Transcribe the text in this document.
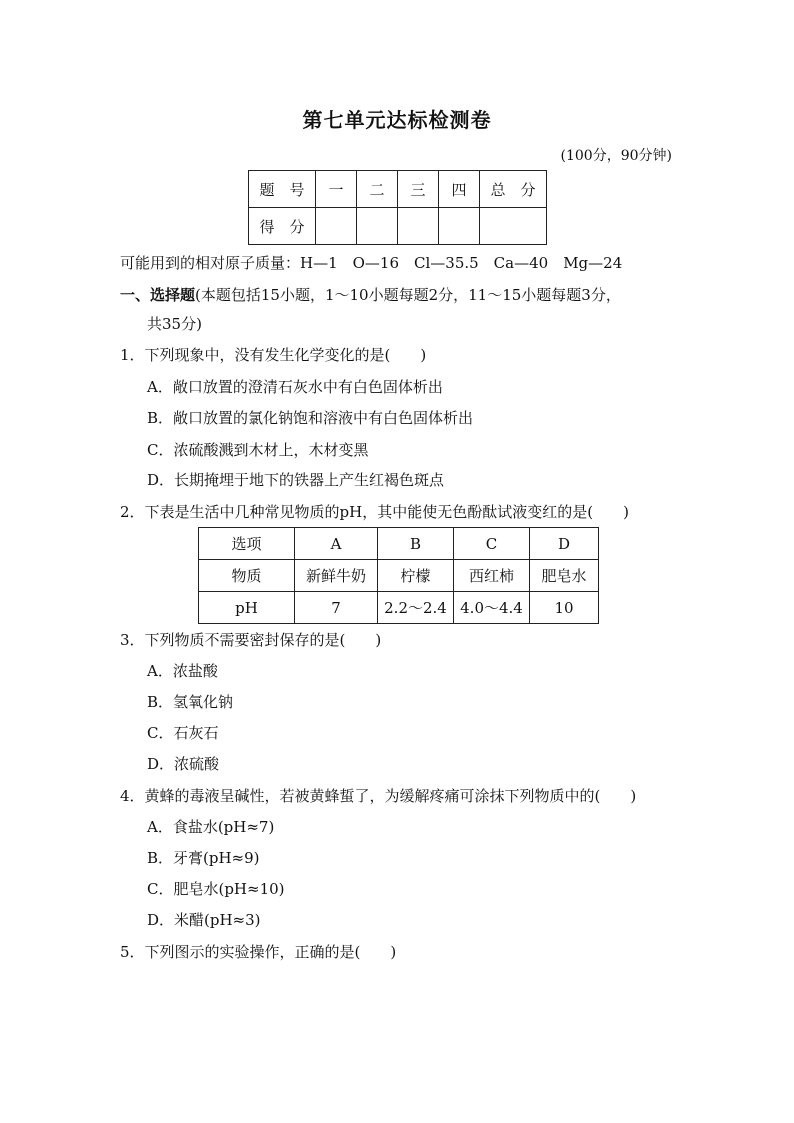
第七单元达标检测卷
(100分，90分钟)
题　号	一	二	三	四	总　分
得　分					
可能用到的相对原子质量：H—1　O—16　Cl—35.5　Ca—40　Mg—24
一、选择题(本题包括15小题，1～10小题每题2分，11～15小题每题3分，
共35分)
1．下列现象中，没有发生化学变化的是(　　)
A．敞口放置的澄清石灰水中有白色固体析出
B．敞口放置的氯化钠饱和溶液中有白色固体析出
C．浓硫酸溅到木材上，木材变黑
D．长期掩埋于地下的铁器上产生红褐色斑点
2．下表是生活中几种常见物质的pH，其中能使无色酚酞试液变红的是(　　)
选项	A	B	C	D
物质	新鲜牛奶	柠檬	西红柿	肥皂水
pH	7	2.2～2.4	4.0～4.4	10
3．下列物质不需要密封保存的是(　　)
A．浓盐酸
B．氢氧化钠
C．石灰石
D．浓硫酸
4．黄蜂的毒液呈碱性，若被黄蜂蜇了，为缓解疼痛可涂抹下列物质中的(　　)
A．食盐水(pH≈7)
B．牙膏(pH≈9)
C．肥皂水(pH≈10)
D．米醋(pH≈3)
5．下列图示的实验操作，正确的是(　　)
